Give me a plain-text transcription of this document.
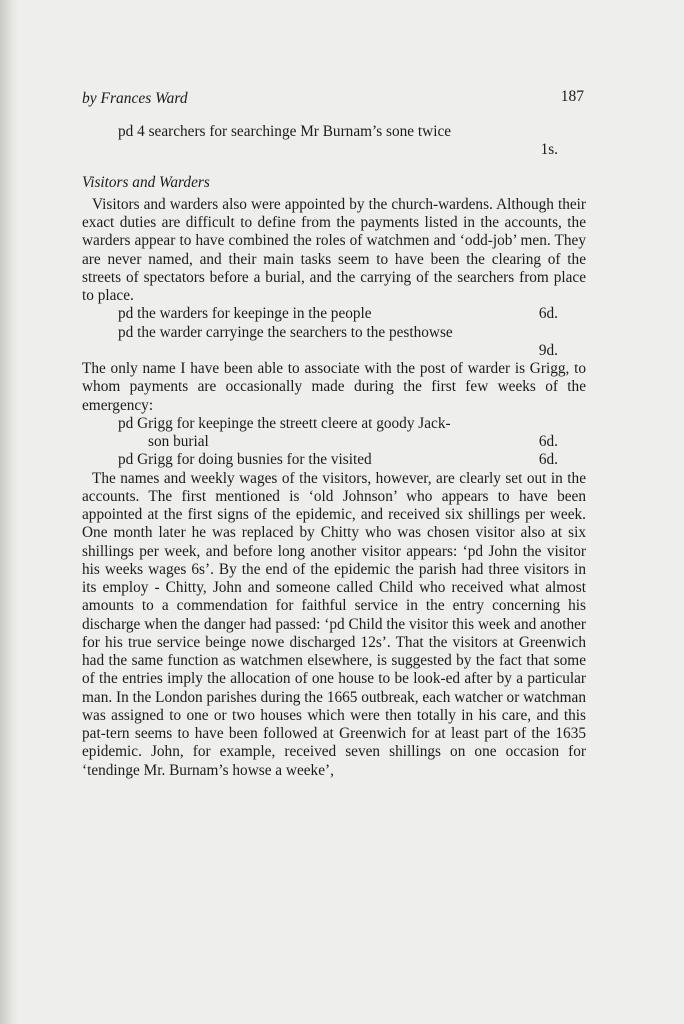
by Frances Ward	187
pd 4 searchers for searchinge Mr Burnam’s sone twice
1s.
Visitors and Warders

Visitors and warders also were appointed by the church-wardens. Although their exact duties are difficult to define from the payments listed in the accounts, the warders appear to have combined the roles of watchmen and ‘odd-job’ men. They are never named, and their main tasks seem to have been the clearing of the streets of spectators before a burial, and the carrying of the searchers from place to place.

pd the warders for keepinge in the people	6d.
pd the warder carryinge the searchers to the pesthowse
9d.

The only name I have been able to associate with the post of warder is Grigg, to whom payments are occasionally made during the first few weeks of the emergency:

pd Grigg for keepinge the streett cleere at goody Jack-
son burial	6d.
pd Grigg for doing busnies for the visited	6d.

The names and weekly wages of the visitors, however, are clearly set out in the accounts. The first mentioned is ‘old Johnson’ who appears to have been appointed at the first signs of the epidemic, and received six shillings per week. One month later he was replaced by Chitty who was chosen visitor also at six shillings per week, and before long another visitor appears: ‘pd John the visitor his weeks wages 6s’. By the end of the epidemic the parish had three visitors in its employ - Chitty, John and someone called Child who received what almost amounts to a commendation for faithful service in the entry concerning his discharge when the danger had passed: ‘pd Child the visitor this week and another for his true service beinge nowe discharged 12s’. That the visitors at Greenwich had the same function as watchmen elsewhere, is suggested by the fact that some of the entries imply the allocation of one house to be look-ed after by a particular man. In the London parishes during the 1665 outbreak, each watcher or watchman was assigned to one or two houses which were then totally in his care, and this pat-tern seems to have been followed at Greenwich for at least part of the 1635 epidemic. John, for example, received seven shillings on one occasion for ‘tendinge Mr. Burnam’s howse a weeke’,
